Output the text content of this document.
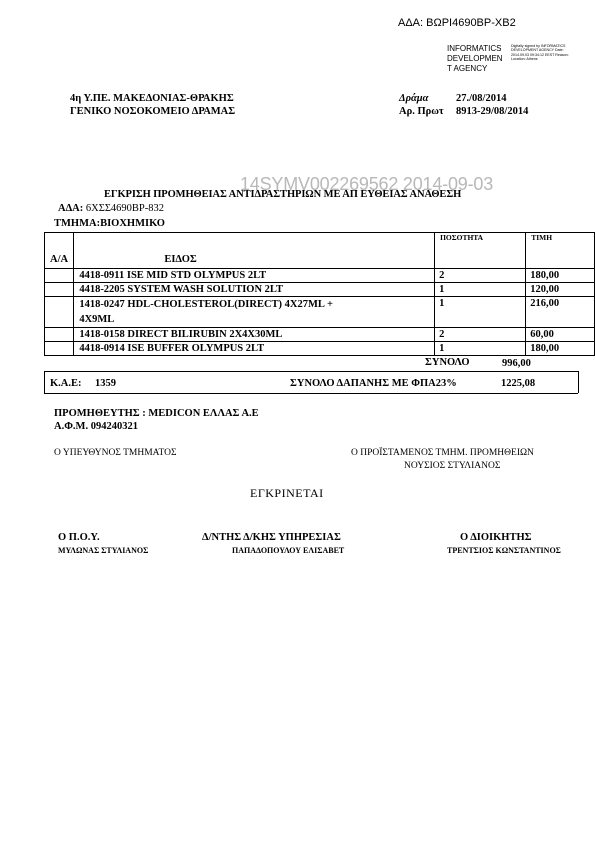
ΑΔΑ: ΒΩΡΙ4690ΒΡ-ΧΒ2
INFORMATICS DEVELOPMEN T AGENCY
Digitally signed by INFORMATICS DEVELOPMENT AGENCY Date: 2014.09.03 09:34:12 EEST Reason: Location: Athens
4η Υ.ΠΕ. ΜΑΚΕΔΟΝΙΑΣ-ΘΡΑΚΗΣ
ΓΕΝΙΚΟ ΝΟΣΟΚΟΜΕΙΟ ΔΡΑΜΑΣ
Δράμα	27./08/2014
Αρ. Πρωτ 8913-29/08/2014
14SYMV002269562 2014-09-03
ΕΓΚΡΙΣΗ ΠΡΟΜΗΘΕΙΑΣ ΑΝΤΙΔΡΑΣΤΗΡΙΩΝ ΜΕ ΑΠ ΕΥΘΕΙΑΣ ΑΝΑΘΕΣΗ
ΑΔΑ: 6ΧΣΣ4690ΒΡ-832
ΤΜΗΜΑ:ΒΙΟΧΗΜΙΚΟ
Α/Α	ΕΙΔΟΣ	ΠΟΣΟΤΗΤΑ	ΤΙΜΗ
	4418-0911 ISE MID STD OLYMPUS 2LT	2	180,00
	4418-2205 SYSTEM WASH SOLUTION 2LT	1	120,00

	1418-0247 HDL-CHOLESTEROL(DIRECT) 4X27ML +
4X9ML	1	216,00
	1418-0158 DIRECT BILIRUBIN 2X4X30ML	2	60,00
	4418-0914 ISE BUFFER OLYMPUS 2LT	1	180,00
ΣΥΝΟΛΟ	996,00
Κ.Α.Ε: 1359	ΣΥΝΟΛΟ ΔΑΠΑΝΗΣ ΜΕ ΦΠΑ23%	1225,08
ΠΡΟΜΗΘΕΥΤΗΣ : MEDICON ΕΛΛΑΣ Α.Ε
Α.Φ.Μ. 094240321
Ο ΥΠΕΥΘΥΝΟΣ ΤΜΗΜΑΤΟΣ	Ο ΠΡΟΪΣΤΑΜΕΝΟΣ ΤΜΗΜ. ΠΡΟΜΗΘΕΙΩΝ
ΝΟΥΣΙΟΣ ΣΤΥΛΙΑΝΟΣ
ΕΓΚΡΙΝΕΤΑΙ
Ο Π.Ο.Υ.
ΜΥΛΩΝΑΣ ΣΤΥΛΙΑΝΟΣ
Δ/ΝΤΗΣ Δ/ΚΗΣ ΥΠΗΡΕΣΙΑΣ
ΠΑΠΑΔΟΠΟΥΛΟΥ ΕΛΙΣΑΒΕΤ
Ο ΔΙΟΙΚΗΤΗΣ
ΤΡΕΝΤΣΙΟΣ ΚΩΝΣΤΑΝΤΙΝΟΣ
